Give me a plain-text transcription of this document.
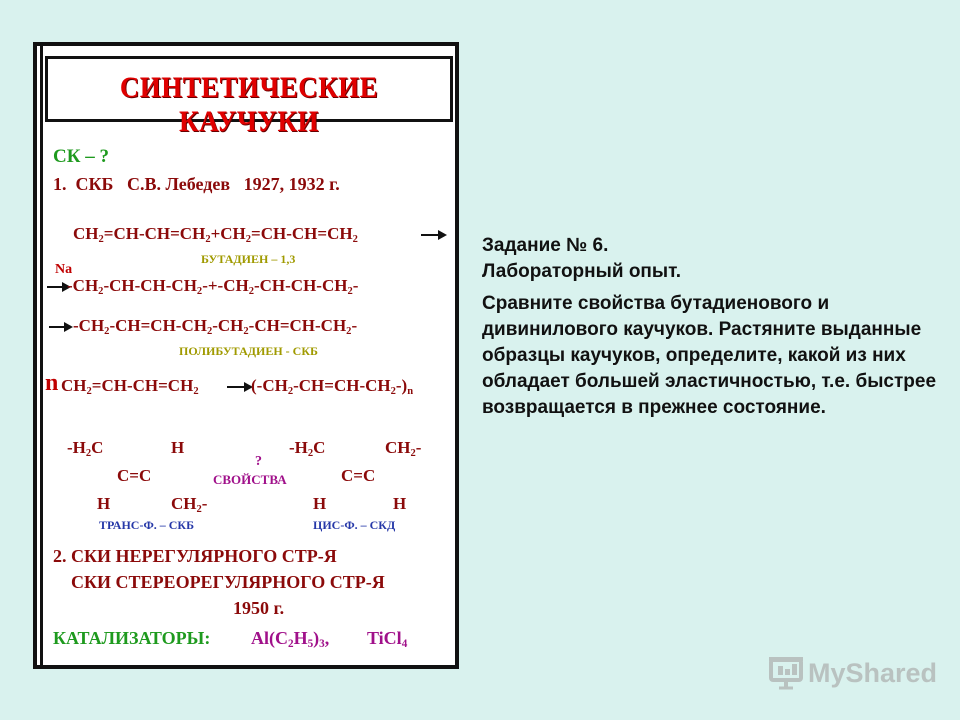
СИНТЕТИЧЕСКИЕ КАУЧУКИ
СК – ?
1. СКБ С.В. Лебедев 1927, 1932 г.
$CH_2=CH-CH=CH_2+CH_2=CH-CH=CH_2$
БУТАДИЕН – 1,3
Na
$-CH_2-CH-CH-CH_2-+-CH_2-CH-CH-CH_2-$
$-CH_2-CH=CH-CH_2-CH_2-CH=CH-CH_2-$
ПОЛИБУТАДИЕН - СКБ
n $CH_2=CH-CH=CH_2$	$(-CH_2-CH=CH-CH_2-)_n$
$-H_2C$	H
C=C
H	$CH_2-$
ТРАНС-Ф. – СКБ
?
СВОЙСТВА
$-H_2C$	$CH_2-$
C=C
H	H
ЦИС-Ф. – СКД
2. СКИ НЕРЕГУЛЯРНОГО СТР-Я
СКИ СТЕРЕОРЕГУЛЯРНОГО СТР-Я
1950 г.
КАТАЛИЗАТОРЫ: $Al(C_2H_5)_3$, TiCl$_4$

Задание № 6.

Лабораторный опыт.

Сравните свойства бутадиенового и дивинилового каучуков. Растяните выданные образцы каучуков, определите, какой из них обладает большей эластичностью, т.е. быстрее возвращается в прежнее состояние.

MyShared
